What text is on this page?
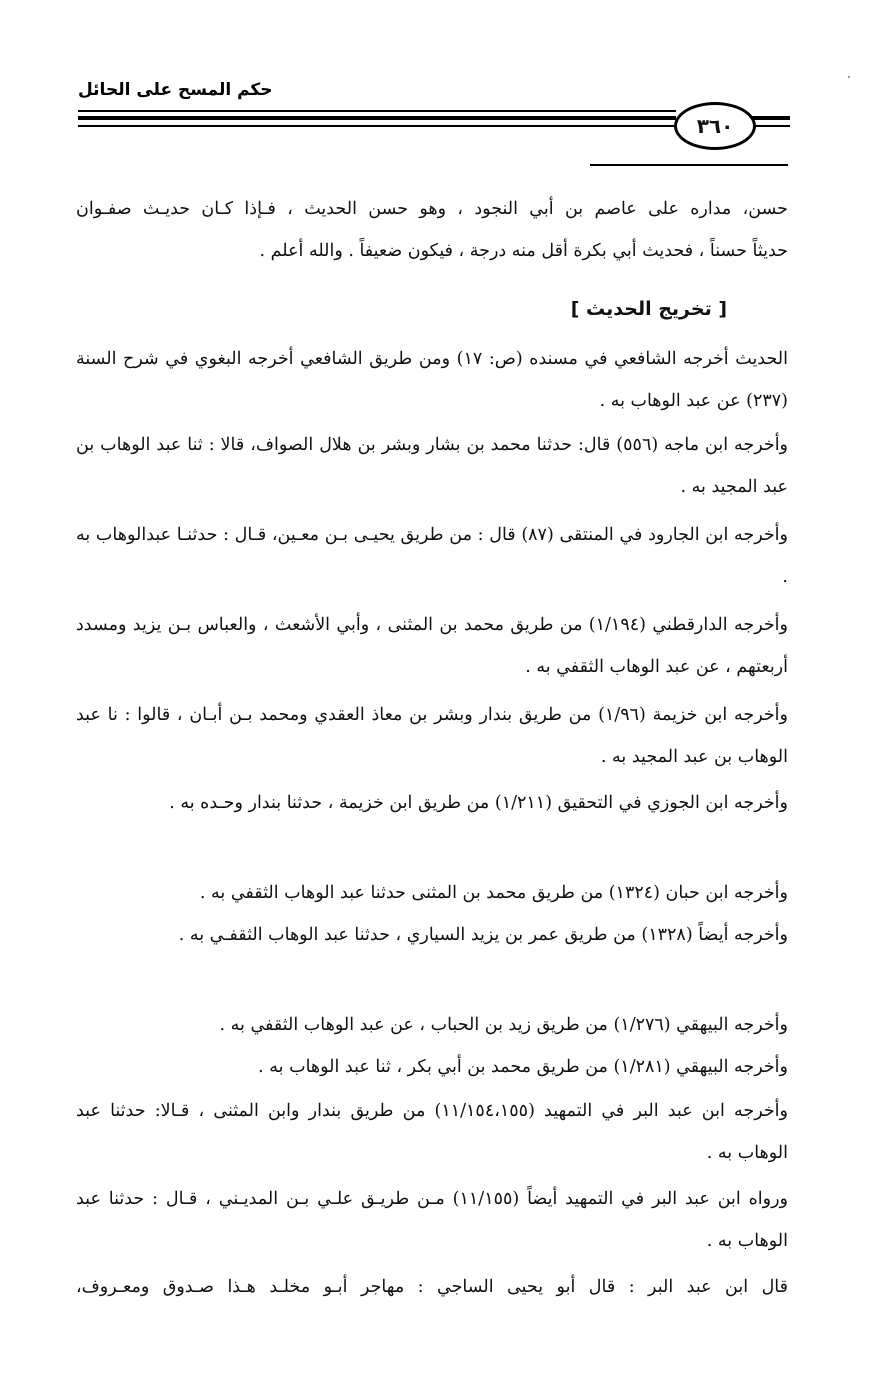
حكم المسح على الحائل
٣٦٠

حسن، مداره على عاصم بن أبي النجود ، وهو حسن الحديث ، فـإذا كـان حديـث صفـوان

حديثاً حسناً ، فحديث أبي بكرة أقل منه درجة ، فيكون ضعيفاً . والله أعلم .

[ تخريج الحديث ]

الحديث أخرجه الشافعي في مسنده (ص: ١٧) ومن طريق الشافعي أخرجه البغوي في شرح السنة (٢٣٧) عن عبد الوهاب به .

وأخرجه ابن ماجه (٥٥٦) قال: حدثنا محمد بن بشار وبشر بن هلال الصواف، قالا : ثنا عبد الوهاب بن عبد المجيد به .

وأخرجه ابن الجارود في المنتقى (٨٧) قال : من طريق يحيـى بـن معـين، قـال : حدثنـا عبدالوهاب به .

وأخرجه الدارقطني (١/١٩٤) من طريق محمد بن المثنى ، وأبي الأشعث ، والعباس بـن يزيد ومسدد أربعتهم ، عن عبد الوهاب الثقفي به .

وأخرجه ابن خزيمة (١/٩٦) من طريق بندار وبشر بن معاذ العقدي ومحمد بـن أبـان ، قالوا : نا عبد الوهاب بن عبد المجيد به .

وأخرجه ابن الجوزي في التحقيق (١/٢١١) من طريق ابن خزيمة ، حدثنا بندار وحـده به .

وأخرجه ابن حبان (١٣٢٤) من طريق محمد بن المثنى حدثنا عبد الوهاب الثقفي به .

وأخرجه أيضاً (١٣٢٨) من طريق عمر بن يزيد السياري ، حدثنا عبد الوهاب الثقفـي به .

وأخرجه البيهقي (١/٢٧٦) من طريق زيد بن الحباب ، عن عبد الوهاب الثقفي به .

وأخرجه البيهقي (١/٢٨١) من طريق محمد بن أبي بكر ، ثنا عبد الوهاب به .

وأخرجه ابن عبد البر في التمهيد (١١/١٥٤،١٥٥) من طريق بندار وابن المثنى ، قـالا: حدثنا عبد الوهاب به .

ورواه ابن عبد البر في التمهيد أيضاً (١١/١٥٥) مـن طريـق علـي بـن المديـني ، قـال : حدثنا عبد الوهاب به .

قال ابن عبد البر : قال أبو يحيى الساجي : مهاجر أبـو مخلـد هـذا صـدوق ومعـروف،
